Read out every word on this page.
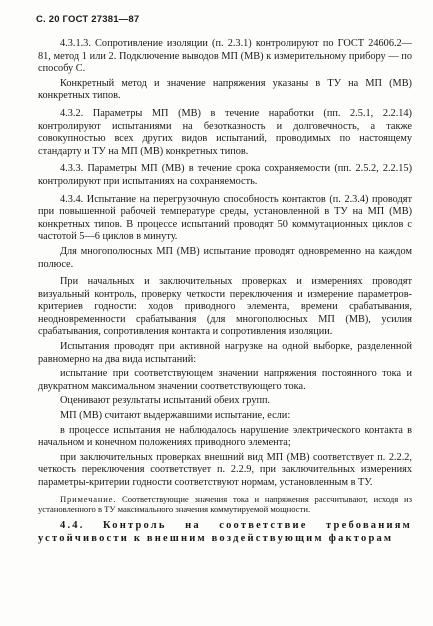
С. 20 ГОСТ 27381—87

4.3.1.3. Сопротивление изоляции (п. 2.3.1) контролируют по ГОСТ 24606.2—81, метод 1 или 2. Подключение выводов МП (МВ) к измерительному прибору — по способу С.

Конкретный метод и значение напряжения указаны в ТУ на МП (МВ) конкретных типов.

4.3.2. Параметры МП (МВ) в течение наработки (пп. 2.5.1, 2.2.14) контролируют испытаниями на безотказность и долговечность, а также совокупностью всех других видов испытаний, проводимых по настоящему стандарту и ТУ на МП (МВ) конкретных типов.

4.3.3. Параметры МП (МВ) в течение срока сохраняемости (пп. 2.5.2, 2.2.15) контролируют при испытаниях на сохраняемость.

4.3.4. Испытание на перегрузочную способность контактов (п. 2.3.4) проводят при повышенной рабочей температуре среды, установленной в ТУ на МП (МВ) конкретных типов. В процессе испытаний проводят 50 коммутационных циклов с частотой 5—6 циклов в минуту.

Для многополюсных МП (МВ) испытание проводят одновременно на каждом полюсе.

При начальных и заключительных проверках и измерениях проводят визуальный контроль, проверку четкости переключения и измерение параметров-критериев годности: ходов приводного элемента, времени срабатывания, неодновременности срабатывания (для многополюсных МП (МВ), усилия срабатывания, сопротивления контакта и сопротивления изоляции.

Испытания проводят при активной нагрузке на одной выборке, разделенной равномерно на два вида испытаний:

испытание при соответствующем значении напряжения постоянного тока и двукратном максимальном значении соответствующего тока.

Оценивают результаты испытаний обеих групп.

МП (МВ) считают выдержавшими испытание, если:

в процессе испытания не наблюдалось нарушение электрического контакта в начальном и конечном положениях приводного элемента;

при заключительных проверках внешний вид МП (МВ) соответствует п. 2.2.2, четкость переключения соответствует п. 2.2.9, при заключительных измерениях параметры-критерии годности соответствуют нормам, установленным в ТУ.

Примечание. Соответствующие значения тока и напряжения рассчитывают, исходя из установленного в ТУ максимального значения коммутируемой мощности.
4.4. Контроль на соответствие требованиям устойчивости к внешним воздействующим факторам
